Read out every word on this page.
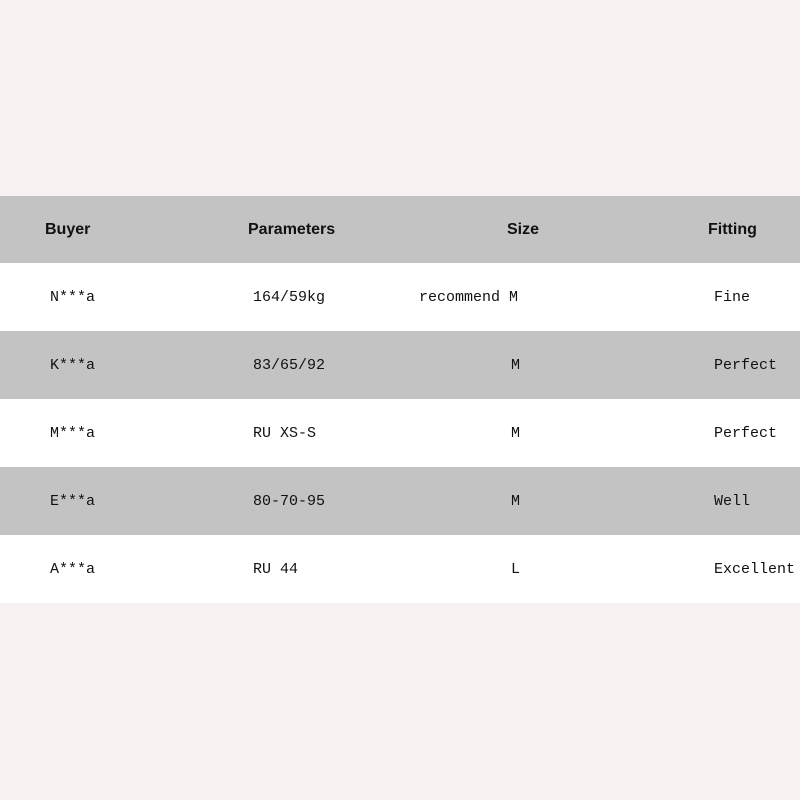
Buyer	Parameters	Size	Fitting
N***a	164/59kg	recommend M	Fine
K***a	83/65/92	M	Perfect
M***a	RU XS-S	M	Perfect
E***a	80-70-95	M	Well
A***a	RU 44	L	Excellent
